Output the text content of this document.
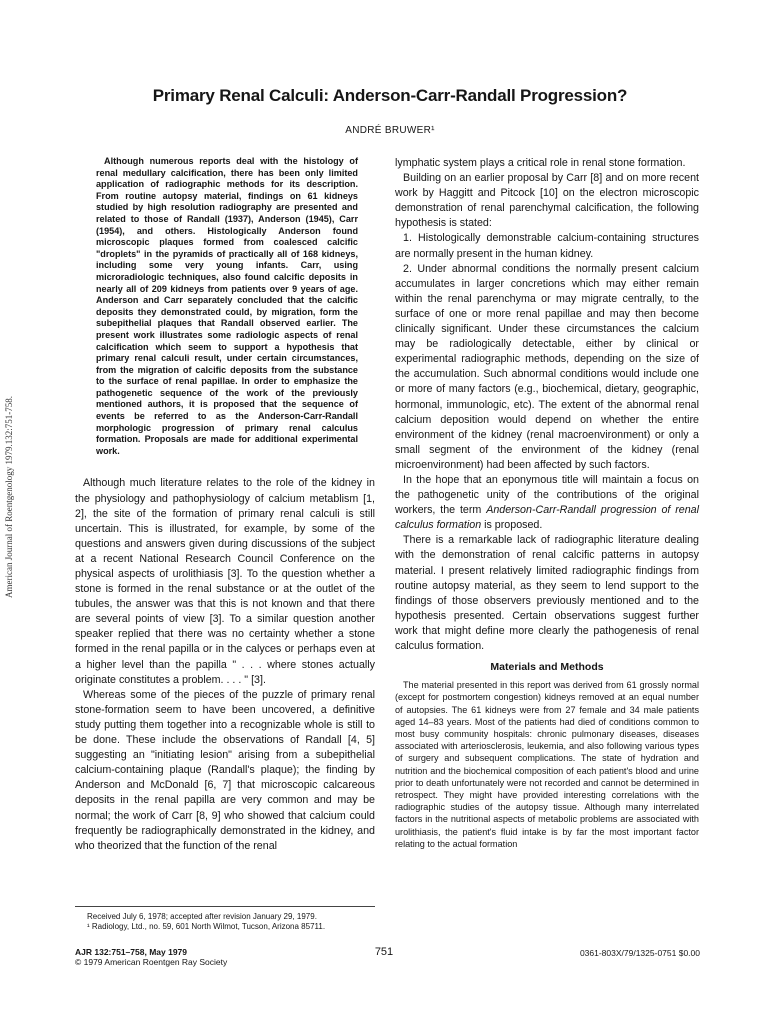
American Journal of Roentgenology 1979.132:751-758.
Primary Renal Calculi: Anderson-Carr-Randall Progression?
ANDRÉ BRUWER¹

Although numerous reports deal with the histology of renal medullary calcification, there has been only limited application of radiographic methods for its description. From routine autopsy material, findings on 61 kidneys studied by high resolution radiography are presented and related to those of Randall (1937), Anderson (1945), Carr (1954), and others. Histologically Anderson found microscopic plaques formed from coalesced calcific "droplets" in the pyramids of practically all of 168 kidneys, including some very young infants. Carr, using microradiologic techniques, also found calcific deposits in nearly all of 209 kidneys from patients over 9 years of age. Anderson and Carr separately concluded that the calcific deposits they demonstrated could, by migration, form the subepithelial plaques that Randall observed earlier. The present work illustrates some radiologic aspects of renal calcification which seem to support a hypothesis that primary renal calculi result, under certain circumstances, from the migration of calcific deposits from the substance to the surface of renal papillae. In order to emphasize the pathogenetic sequence of the work of the previously mentioned authors, it is proposed that the sequence of events be referred to as the Anderson-Carr-Randall morphologic progression of primary renal calculus formation. Proposals are made for additional experimental work.

Although much literature relates to the role of the kidney in the physiology and pathophysiology of calcium metablism [1, 2], the site of the formation of primary renal calculi is still uncertain. This is illustrated, for example, by some of the questions and answers given during discussions of the subject at a recent National Research Council Conference on the physical aspects of urolithiasis [3]. To the question whether a stone is formed in the renal substance or at the outlet of the tubules, the answer was that this is not known and that there are several points of view [3]. To a similar question another speaker replied that there was no certainty whether a stone formed in the renal papilla or in the calyces or perhaps even at a higher level than the papilla " . . . where stones actually originate constitutes a problem. . . . " [3].

Whereas some of the pieces of the puzzle of primary renal stone-formation seem to have been uncovered, a definitive study putting them together into a recognizable whole is still to be done. These include the observations of Randall [4, 5] suggesting an "initiating lesion" arising from a subepithelial calcium-containing plaque (Randall's plaque); the finding by Anderson and McDonald [6, 7] that microscopic calcareous deposits in the renal papilla are very common and may be normal; the work of Carr [8, 9] who showed that calcium could frequently be radiographically demonstrated in the kidney, and who theorized that the function of the renal

lymphatic system plays a critical role in renal stone formation.

Building on an earlier proposal by Carr [8] and on more recent work by Haggitt and Pitcock [10] on the electron microscopic demonstration of renal parenchymal calcification, the following hypothesis is stated:

1. Histologically demonstrable calcium-containing structures are normally present in the human kidney.

2. Under abnormal conditions the normally present calcium accumulates in larger concretions which may either remain within the renal parenchyma or may migrate centrally, to the surface of one or more renal papillae and may then become clinically significant. Under these circumstances the calcium may be radiologically detectable, either by clinical or experimental radiographic methods, depending on the size of the accumulation. Such abnormal conditions would include one or more of many factors (e.g., biochemical, dietary, geographic, hormonal, immunologic, etc). The extent of the abnormal renal calcium deposition would depend on whether the entire environment of the kidney (renal macroenvironment) or only a small segment of the environment of the kidney (renal microenvironment) had been affected by such factors.

In the hope that an eponymous title will maintain a focus on the pathogenetic unity of the contributions of the original workers, the term Anderson-Carr-Randall progression of renal calculus formation is proposed.

There is a remarkable lack of radiographic literature dealing with the demonstration of renal calcific patterns in autopsy material. I present relatively limited radiographic findings from routine autopsy material, as they seem to lend support to the findings of those observers previously mentioned and to the hypothesis presented. Certain observations suggest further work that might define more clearly the pathogenesis of renal calculus formation.

Materials and Methods

The material presented in this report was derived from 61 grossly normal (except for postmortem congestion) kidneys removed at an equal number of autopsies. The 61 kidneys were from 27 female and 34 male patients aged 14–83 years. Most of the patients had died of conditions common to most busy community hospitals: chronic pulmonary diseases, diseases associated with arteriosclerosis, leukemia, and also following various types of surgery and subsequent complications. The state of hydration and nutrition and the biochemical composition of each patient's blood and urine prior to death unfortunately were not recorded and cannot be determined in retrospect. They might have provided interesting correlations with the radiographic studies of the autopsy tissue. Although many interrelated factors in the nutritional aspects of metabolic problems are associated with urolithiasis, the patient's fluid intake is by far the most important factor relating to the actual formation

Received July 6, 1978; accepted after revision January 29, 1979.
¹ Radiology, Ltd., no. 59, 601 North Wilmot, Tucson, Arizona 85711.
AJR 132:751–758, May 1979
© 1979 American Roentgen Ray Society
751	0361-803X/79/1325-0751 $0.00
